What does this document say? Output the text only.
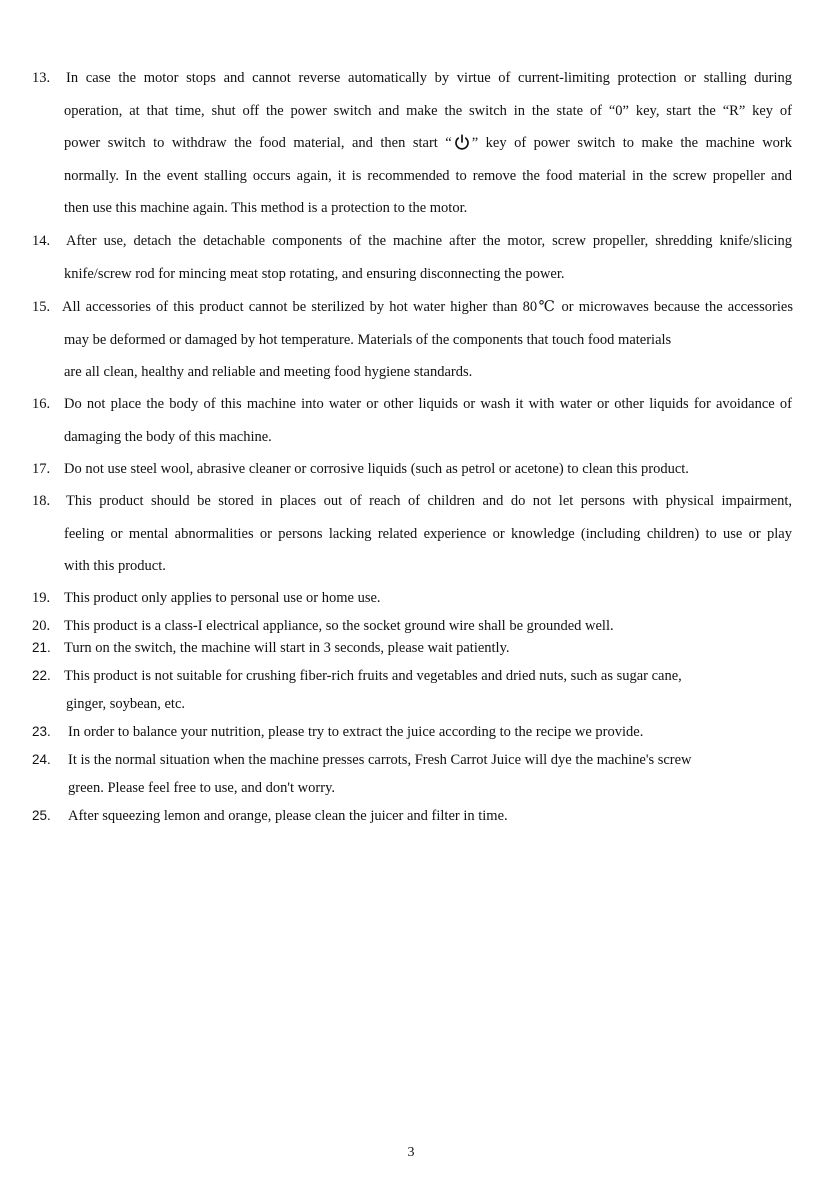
13. In case the motor stops and cannot reverse automatically by virtue of current-limiting protection or stalling during
operation, at that time, shut off the power switch and make the switch in the state of “0” key, start the “R” key of
power switch to withdraw the food material, and then start “ ” key of power switch to make the machine work
normally. In the event stalling occurs again, it is recommended to remove the food material in the screw propeller and
then use this machine again. This method is a protection to the motor.
14. After use, detach the detachable components of the machine after the motor, screw propeller, shredding knife/slicing
knife/screw rod for mincing meat stop rotating, and ensuring disconnecting the power.
15. All accessories of this product cannot be sterilized by hot water higher than 80℃ or microwaves because the accessories
may be deformed or damaged by hot temperature. Materials of the components that touch food materials
are all clean, healthy and reliable and meeting food hygiene standards.
16. Do not place the body of this machine into water or other liquids or wash it with water or other liquids for avoidance of
damaging the body of this machine.
17. Do not use steel wool, abrasive cleaner or corrosive liquids (such as petrol or acetone) to clean this product.
18. This product should be stored in places out of reach of children and do not let persons with physical impairment,
feeling or mental abnormalities or persons lacking related experience or knowledge (including children) to use or play
with this product.
19. This product only applies to personal use or home use.
20. This product is a class-I electrical appliance, so the socket ground wire shall be grounded well.
21. Turn on the switch, the machine will start in 3 seconds, please wait patiently.
22. This product is not suitable for crushing fiber-rich fruits and vegetables and dried nuts, such as sugar cane,
ginger, soybean, etc.
23. In order to balance your nutrition, please try to extract the juice according to the recipe we provide.
24. It is the normal situation when the machine presses carrots, Fresh Carrot Juice will dye the machine's screw
green. Please feel free to use, and don't worry.
25. After squeezing lemon and orange, please clean the juicer and filter in time.
3
